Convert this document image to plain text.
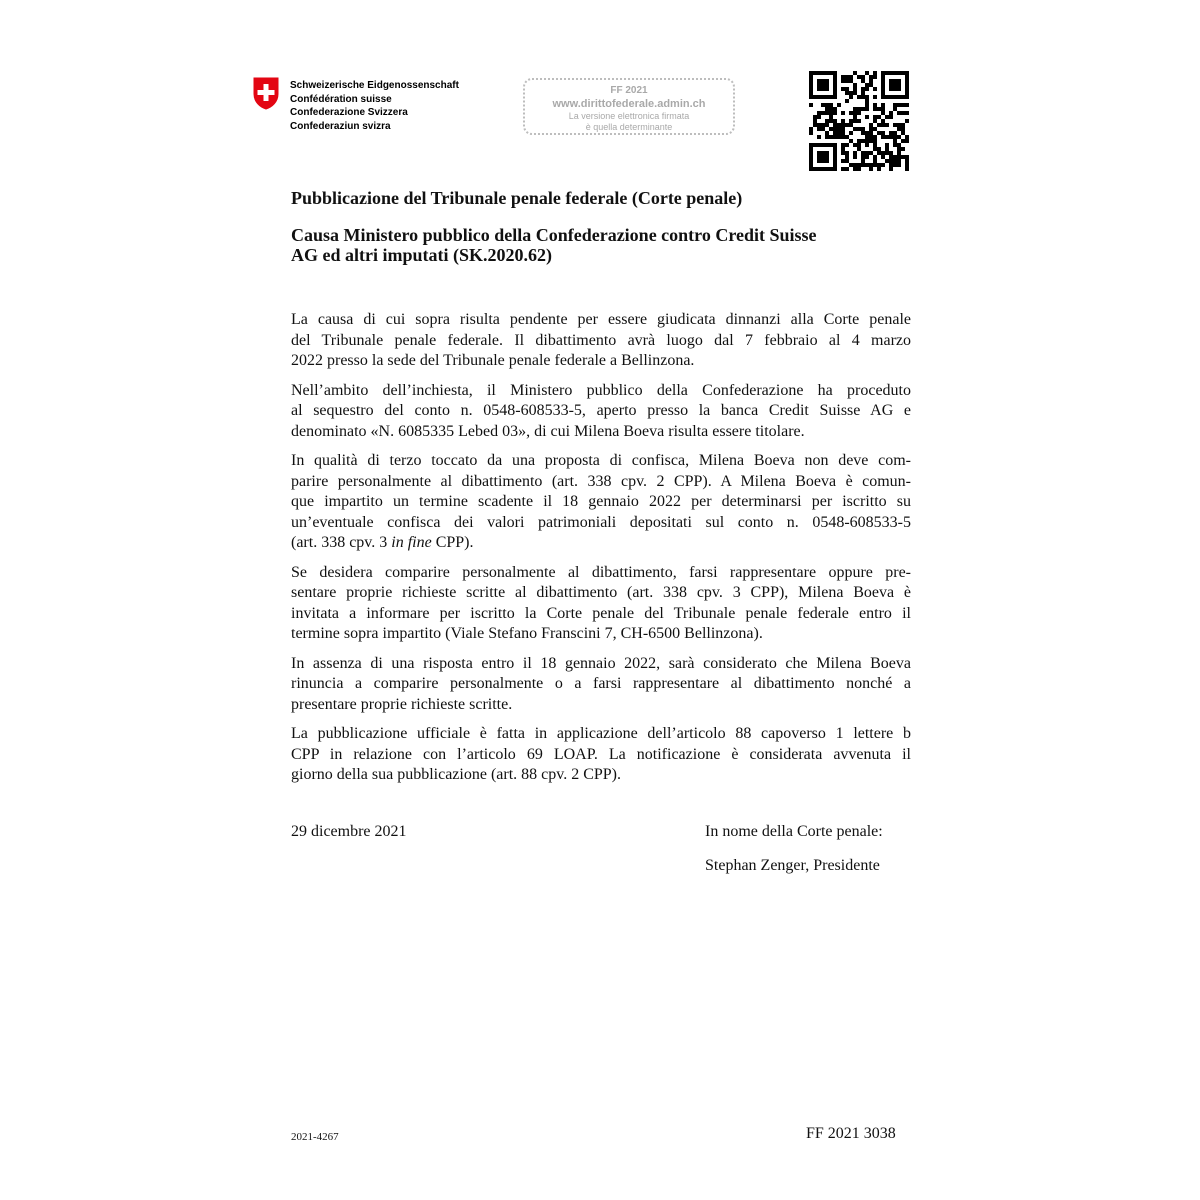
Schweizerische Eidgenossenschaft
Confédération suisse
Confederazione Svizzera
Confederaziun svizra
FF 2021
www.dirittofederale.admin.ch
La versione elettronica firmata
è quella determinante
Pubblicazione del Tribunale penale federale (Corte penale)
Causa Ministero pubblico della Confederazione contro Credit Suisse
AG ed altri imputati (SK.2020.62)
La causa di cui sopra risulta pendente per essere giudicata dinnanzi alla Corte penale
del Tribunale penale federale. Il dibattimento avrà luogo dal 7 febbraio al 4 marzo
2022 presso la sede del Tribunale penale federale a Bellinzona.
Nell’ambito dell’inchiesta, il Ministero pubblico della Confederazione ha proceduto
al sequestro del conto n. 0548-608533-5, aperto presso la banca Credit Suisse AG e
denominato «N. 6085335 Lebed 03», di cui Milena Boeva risulta essere titolare.
In qualità di terzo toccato da una proposta di confisca, Milena Boeva non deve com-
parire personalmente al dibattimento (art. 338 cpv. 2 CPP). A Milena Boeva è comun-
que impartito un termine scadente il 18 gennaio 2022 per determinarsi per iscritto su
un’eventuale confisca dei valori patrimoniali depositati sul conto n. 0548-608533-5
(art. 338 cpv. 3 in fine CPP).
Se desidera comparire personalmente al dibattimento, farsi rappresentare oppure pre-
sentare proprie richieste scritte al dibattimento (art. 338 cpv. 3 CPP), Milena Boeva è
invitata a informare per iscritto la Corte penale del Tribunale penale federale entro il
termine sopra impartito (Viale Stefano Franscini 7, CH-6500 Bellinzona).
In assenza di una risposta entro il 18 gennaio 2022, sarà considerato che Milena Boeva
rinuncia a comparire personalmente o a farsi rappresentare al dibattimento nonché a
presentare proprie richieste scritte.
La pubblicazione ufficiale è fatta in applicazione dell’articolo 88 capoverso 1 lettere b
CPP in relazione con l’articolo 69 LOAP. La notificazione è considerata avvenuta il
giorno della sua pubblicazione (art. 88 cpv. 2 CPP).
29 dicembre 2021	In nome della Corte penale:
Stephan Zenger, Presidente
2021-4267	FF 2021 3038
